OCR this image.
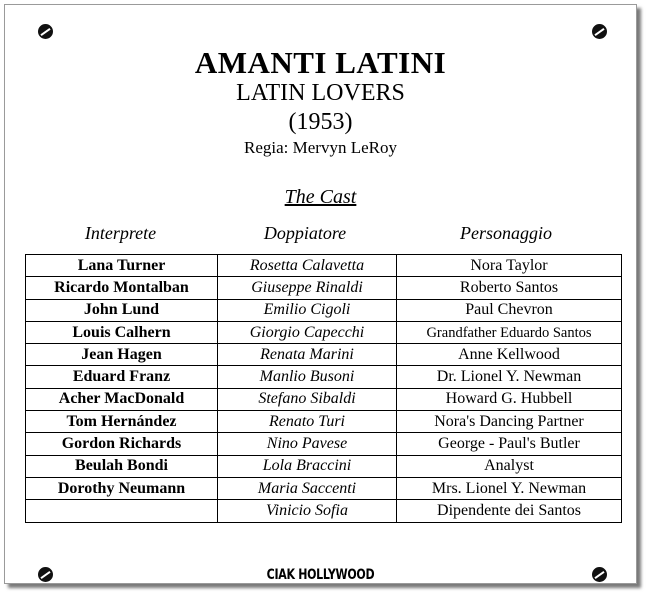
AMANTI LATINI
LATIN LOVERS
(1953)
Regia: Mervyn LeRoy
The Cast
Interprete	Doppiatore	Personaggio
Lana Turner	Rosetta Calavetta	Nora Taylor
Ricardo Montalban	Giuseppe Rinaldi	Roberto Santos
John Lund	Emilio Cigoli	Paul Chevron
Louis Calhern	Giorgio Capecchi	Grandfather Eduardo Santos
Jean Hagen	Renata Marini	Anne Kellwood
Eduard Franz	Manlio Busoni	Dr. Lionel Y. Newman
Acher MacDonald	Stefano Sibaldi	Howard G. Hubbell
Tom Hernández	Renato Turi	Nora's Dancing Partner
Gordon Richards	Nino Pavese	George - Paul's Butler
Beulah Bondi	Lola Braccini	Analyst
Dorothy Neumann	Maria Saccenti	Mrs. Lionel Y. Newman
	Vinicio Sofia	Dipendente dei Santos
CIAK HOLLYWOOD
